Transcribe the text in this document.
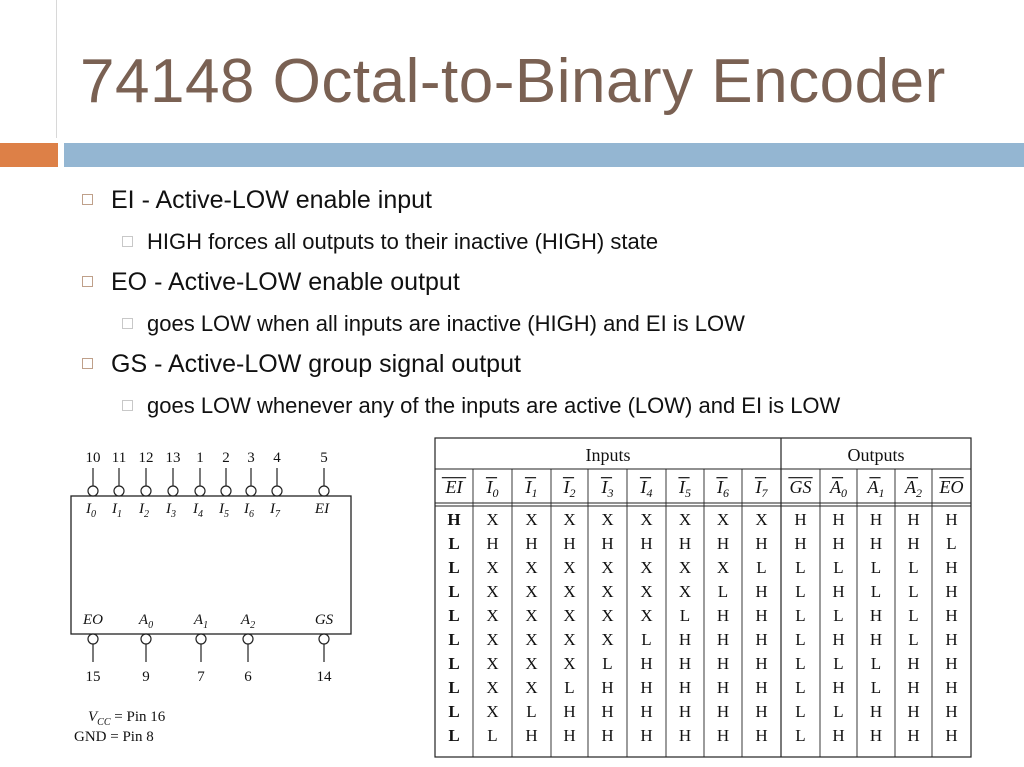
74148 Octal-to-Binary Encoder
EI - Active-LOW enable input
HIGH forces all outputs to their inactive (HIGH) state
EO - Active-LOW enable output
goes LOW when all inputs are inactive (HIGH) and EI is LOW
GS - Active-LOW group signal output
goes LOW whenever any of the inputs are active (LOW) and EI is LOW
10
$I_0$
11
$I_1$
12
$I_2$
13
$I_3$
1
$I_4$
2
$I_5$
3
$I_6$
4
$I_7$
5
EI
EO
15
$A_0$
9
$A_1$
7
$A_2$
6
GS
14
$V_{CC}$ = Pin 16
GND = Pin 8
Inputs	Outputs
EI $I_0$ $I_1$ $I_2$ $I_3$ $I_4$ $I_5$ $I_6$ $I_7$ GS $A_0$ $A_1$ $A_2$ EO
H X X X X X X X X H H H H H
L H H H H H H H H H H H H L
L X X X X X X X L L L L L H
L X X X X X X L H L H L L H
L X X X X X L H H L L H L H
L X X X X L H H H L H H L H
L X X X L H H H H L L L H H
L X X L H H H H H L H L H H
L X L H H H H H H L L H H H
L L H H H H H H H L H H H H
